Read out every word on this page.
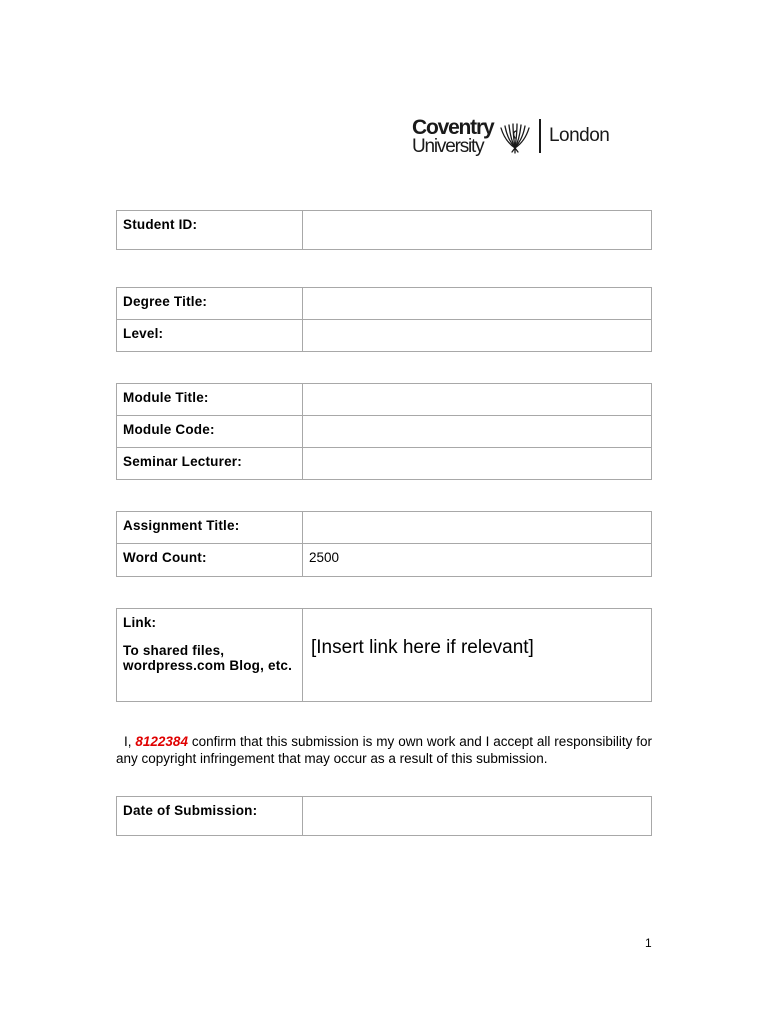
Coventry
University	London
Student ID:	
Degree Title:	
Level:	
Module Title:	
Module Code:	
Seminar Lecturer:	
Assignment Title:	
Word Count:	2500
Link:
To shared files, wordpress.com Blog, etc.	
[Insert link here if relevant]

I, 8122384 confirm that this submission is my own work and I accept all responsibility for any copyright infringement that may occur as a result of this submission.

Date of Submission:	
1
